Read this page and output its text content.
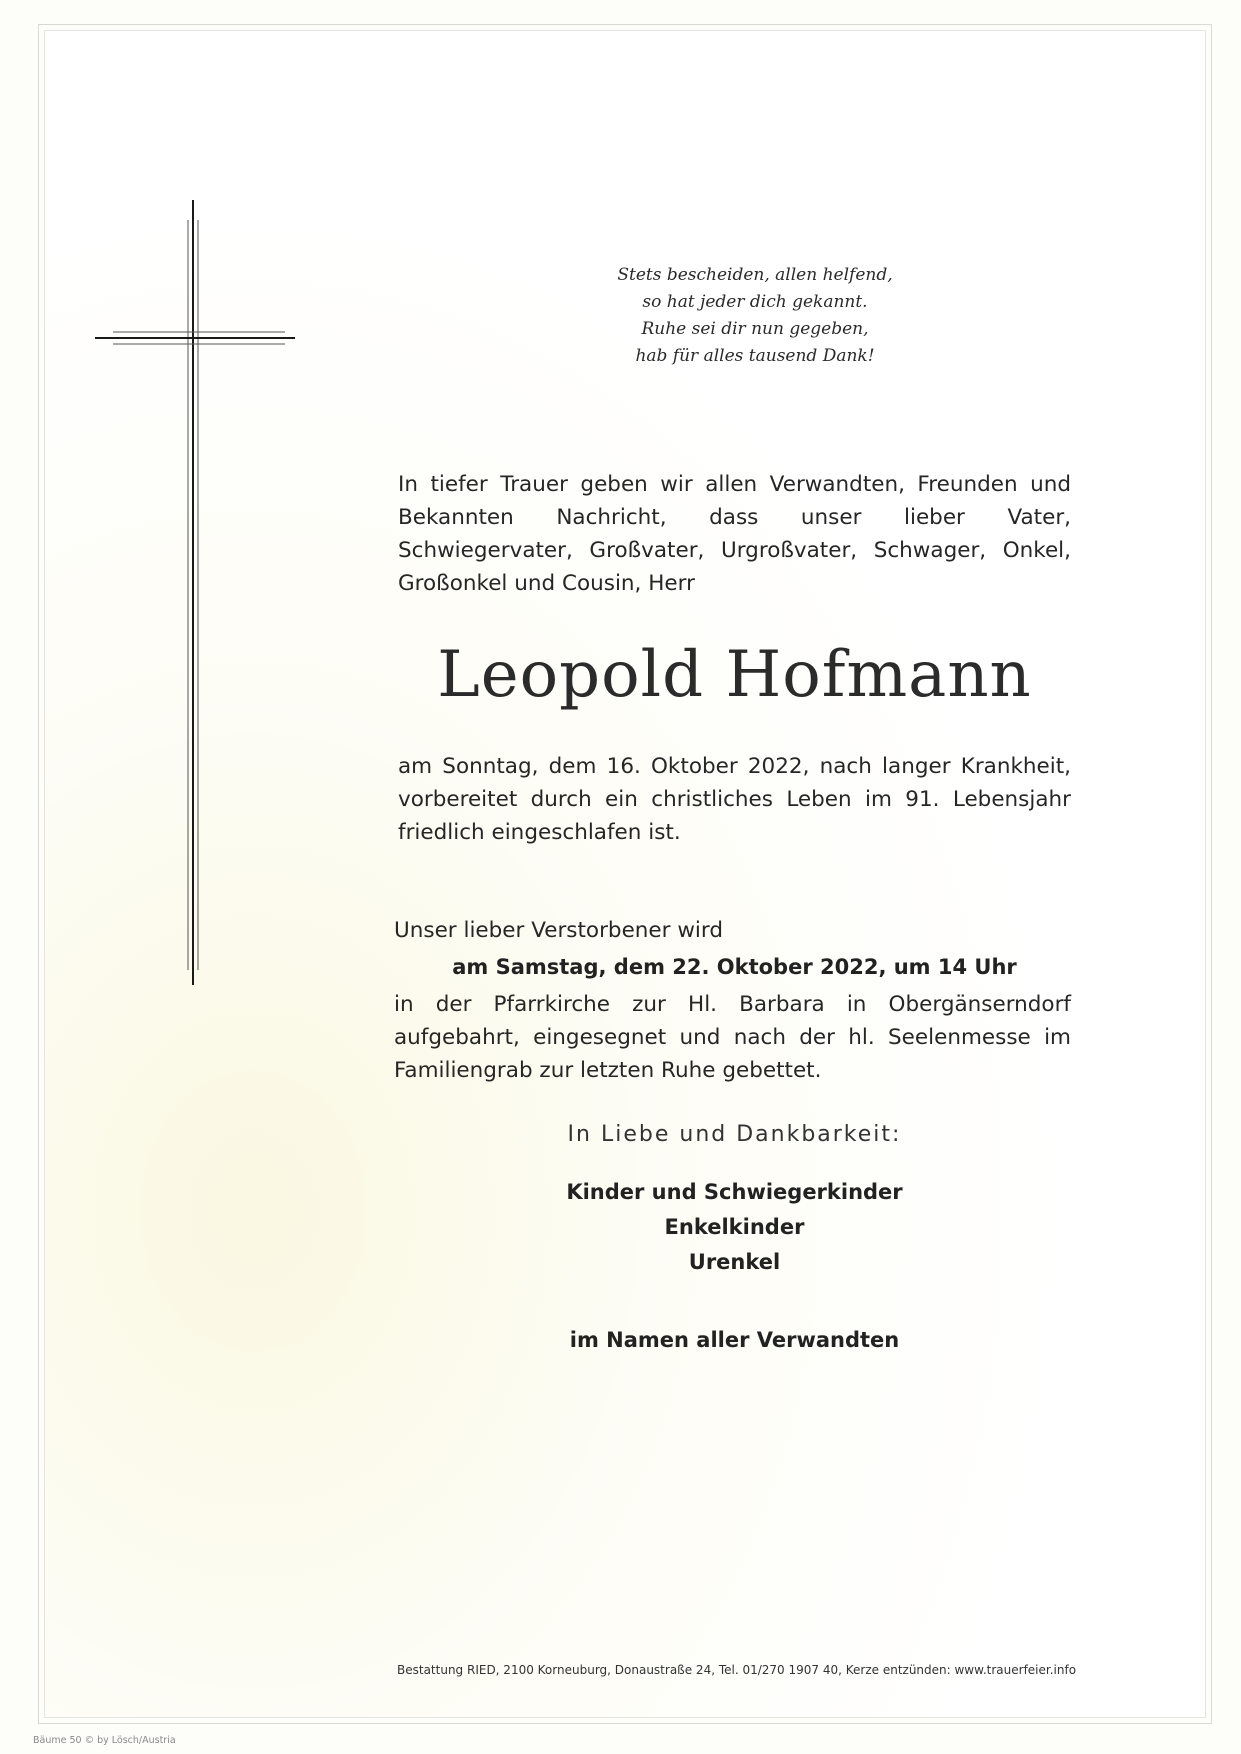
Stets bescheiden, allen helfend,
so hat jeder dich gekannt.
Ruhe sei dir nun gegeben,
hab für alles tausend Dank!
In tiefer Trauer geben wir allen Verwandten, Freunden und Bekannten Nachricht, dass unser lieber Vater, Schwiegervater, Großvater, Urgroßvater, Schwager, Onkel, Großonkel und Cousin, Herr
Leopold Hofmann
am Sonntag, dem 16. Oktober 2022, nach langer Krankheit, vorbereitet durch ein christliches Leben im 91. Lebensjahr friedlich eingeschlafen ist.
Unser lieber Verstorbener wird
am Samstag, dem 22. Oktober 2022, um 14 Uhr
in der Pfarrkirche zur Hl. Barbara in Obergänserndorf aufgebahrt, eingesegnet und nach der hl. Seelenmesse im Familiengrab zur letzten Ruhe gebettet.
In Liebe und Dankbarkeit:
Kinder und Schwiegerkinder
Enkelkinder
Urenkel
im Namen aller Verwandten
Bestattung RIED, 2100 Korneuburg, Donaustraße 24, Tel. 01/270 1907 40, Kerze entzünden: www.trauerfeier.info
Bäume 50 © by Lösch/Austria
